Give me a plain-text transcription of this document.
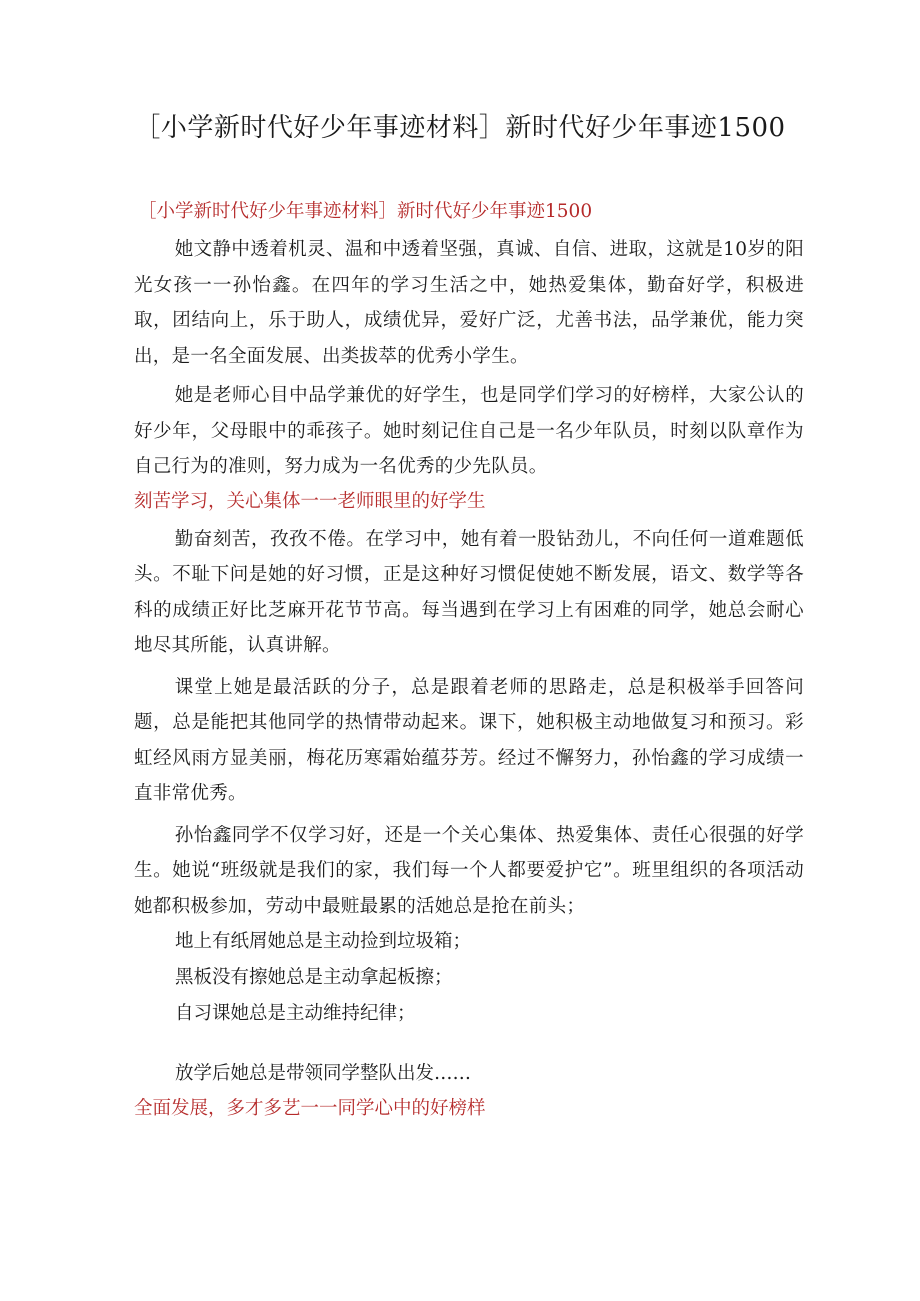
［小学新时代好少年事迹材料］新时代好少年事迹1500

［小学新时代好少年事迹材料］新时代好少年事迹1500

她文静中透着机灵、温和中透着坚强，真诚、自信、进取，这就是10岁的阳光女孩一一孙怡鑫。在四年的学习生活之中，她热爱集体，勤奋好学，积极进取，团结向上，乐于助人，成绩优异，爱好广泛，尤善书法，品学兼优，能力突出，是一名全面发展、出类拔萃的优秀小学生。

她是老师心目中品学兼优的好学生，也是同学们学习的好榜样，大家公认的好少年，父母眼中的乖孩子。她时刻记住自己是一名少年队员，时刻以队章作为自己行为的准则，努力成为一名优秀的少先队员。

刻苦学习，关心集体一一老师眼里的好学生

勤奋刻苦，孜孜不倦。在学习中，她有着一股钻劲儿，不向任何一道难题低头。不耻下问是她的好习惯，正是这种好习惯促使她不断发展，语文、数学等各科的成绩正好比芝麻开花节节高。每当遇到在学习上有困难的同学，她总会耐心地尽其所能，认真讲解。

课堂上她是最活跃的分子，总是跟着老师的思路走，总是积极举手回答问题，总是能把其他同学的热情带动起来。课下，她积极主动地做复习和预习。彩虹经风雨方显美丽，梅花历寒霜始蕴芬芳。经过不懈努力，孙怡鑫的学习成绩一直非常优秀。

孙怡鑫同学不仅学习好，还是一个关心集体、热爱集体、责任心很强的好学生。她说“班级就是我们的家，我们每一个人都要爱护它”。班里组织的各项活动她都积极参加，劳动中最赃最累的活她总是抢在前头；

地上有纸屑她总是主动捡到垃圾箱；

黑板没有擦她总是主动拿起板擦；

自习课她总是主动维持纪律；

放学后她总是带领同学整队出发……

全面发展，多才多艺一一同学心中的好榜样
